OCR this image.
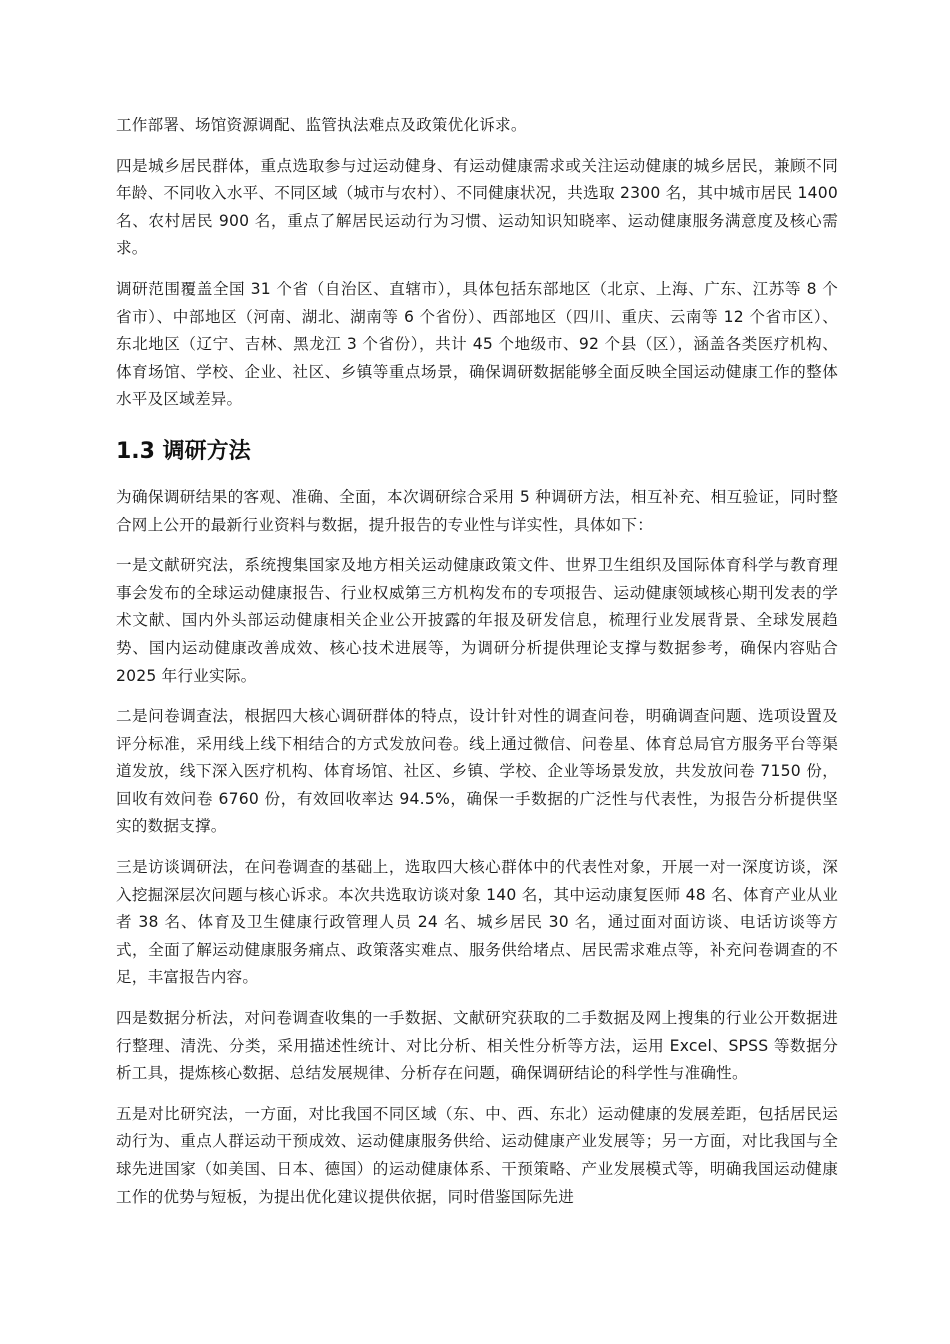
工作部署、场馆资源调配、监管执法难点及政策优化诉求。

四是城乡居民群体，重点选取参与过运动健身、有运动健康需求或关注运动健康的城乡居民，兼顾不同年龄、不同收入水平、不同区域（城市与农村）、不同健康状况，共选取 2300 名，其中城市居民 1400 名、农村居民 900 名，重点了解居民运动行为习惯、运动知识知晓率、运动健康服务满意度及核心需求。

调研范围覆盖全国 31 个省（自治区、直辖市），具体包括东部地区（北京、上海、广东、江苏等 8 个省市）、中部地区（河南、湖北、湖南等 6 个省份）、西部地区（四川、重庆、云南等 12 个省市区）、东北地区（辽宁、吉林、黑龙江 3 个省份），共计 45 个地级市、92 个县（区），涵盖各类医疗机构、体育场馆、学校、企业、社区、乡镇等重点场景，确保调研数据能够全面反映全国运动健康工作的整体水平及区域差异。

1.3 调研方法

为确保调研结果的客观、准确、全面，本次调研综合采用 5 种调研方法，相互补充、相互验证，同时整合网上公开的最新行业资料与数据，提升报告的专业性与详实性，具体如下：

一是文献研究法，系统搜集国家及地方相关运动健康政策文件、世界卫生组织及国际体育科学与教育理事会发布的全球运动健康报告、行业权威第三方机构发布的专项报告、运动健康领域核心期刊发表的学术文献、国内外头部运动健康相关企业公开披露的年报及研发信息，梳理行业发展背景、全球发展趋势、国内运动健康改善成效、核心技术进展等，为调研分析提供理论支撑与数据参考，确保内容贴合 2025 年行业实际。

二是问卷调查法，根据四大核心调研群体的特点，设计针对性的调查问卷，明确调查问题、选项设置及评分标准，采用线上线下相结合的方式发放问卷。线上通过微信、问卷星、体育总局官方服务平台等渠道发放，线下深入医疗机构、体育场馆、社区、乡镇、学校、企业等场景发放，共发放问卷 7150 份，回收有效问卷 6760 份，有效回收率达 94.5%，确保一手数据的广泛性与代表性，为报告分析提供坚实的数据支撑。

三是访谈调研法，在问卷调查的基础上，选取四大核心群体中的代表性对象，开展一对一深度访谈，深入挖掘深层次问题与核心诉求。本次共选取访谈对象 140 名，其中运动康复医师 48 名、体育产业从业者 38 名、体育及卫生健康行政管理人员 24 名、城乡居民 30 名，通过面对面访谈、电话访谈等方式，全面了解运动健康服务痛点、政策落实难点、服务供给堵点、居民需求难点等，补充问卷调查的不足，丰富报告内容。

四是数据分析法，对问卷调查收集的一手数据、文献研究获取的二手数据及网上搜集的行业公开数据进行整理、清洗、分类，采用描述性统计、对比分析、相关性分析等方法，运用 Excel、SPSS 等数据分析工具，提炼核心数据、总结发展规律、分析存在问题，确保调研结论的科学性与准确性。

五是对比研究法，一方面，对比我国不同区域（东、中、西、东北）运动健康的发展差距，包括居民运动行为、重点人群运动干预成效、运动健康服务供给、运动健康产业发展等；另一方面，对比我国与全球先进国家（如美国、日本、德国）的运动健康体系、干预策略、产业发展模式等，明确我国运动健康工作的优势与短板，为提出优化建议提供依据，同时借鉴国际先进
